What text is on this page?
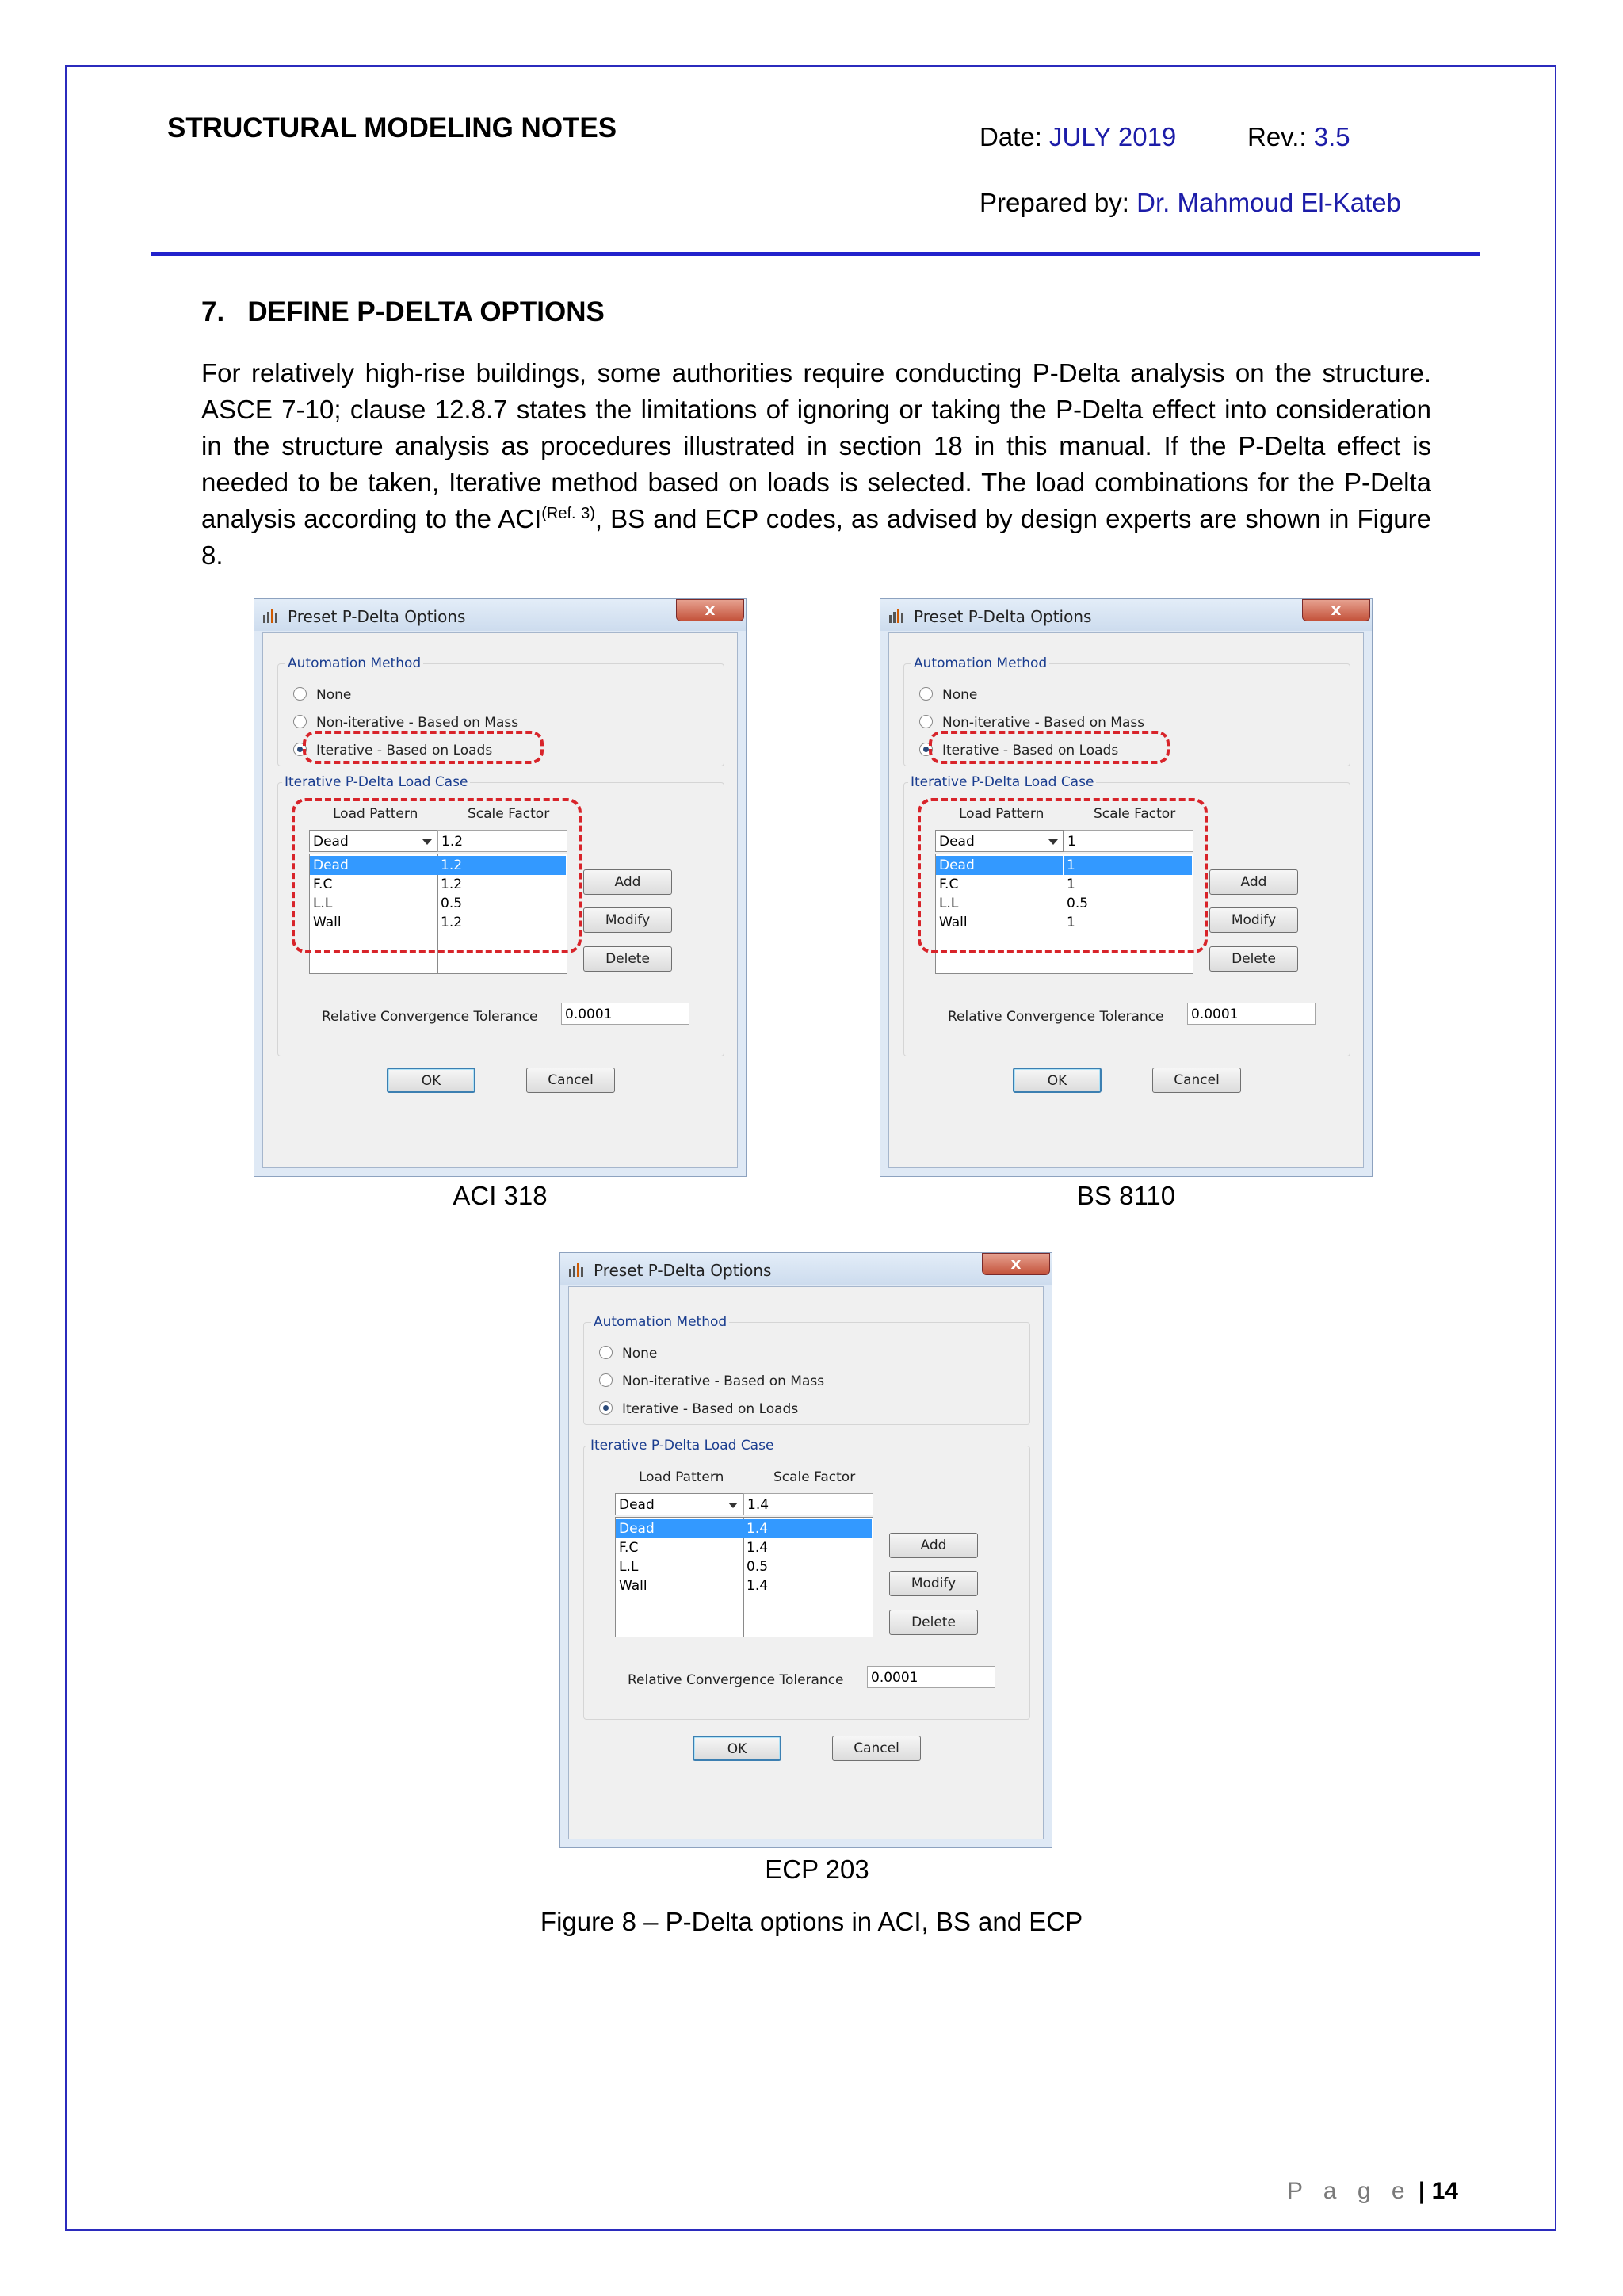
STRUCTURAL MODELING NOTES	Date: JULY 2019	Rev.: 3.5
Prepared by: Dr. Mahmoud El-Kateb
7.   DEFINE P-DELTA OPTIONS
For relatively high-rise buildings, some authorities require conducting P-Delta analysis on the structure. ASCE 7-10; clause 12.8.7 states the limitations of ignoring or taking the P-Delta effect into consideration in the structure analysis as procedures illustrated in section 18 in this manual. If the P-Delta effect is needed to be taken, Iterative method based on loads is selected. The load combinations for the P-Delta analysis according to the $ACI^{(Ref. 3)}$, BS and ECP codes, as advised by design experts are shown in Figure 8.
Preset P-Delta Options	x
Automation Method
None
Non-iterative - Based on Mass
Iterative - Based on Loads
Iterative P-Delta Load Case
Load Pattern	Scale Factor
Dead	1.2
Dead	1.2
F.C	1.2
L.L	0.5
Wall	1.2
Add
Modify
Delete
Relative Convergence Tolerance 0.0001
OK	Cancel
Preset P-Delta Options	x
Automation Method
None
Non-iterative - Based on Mass
Iterative - Based on Loads
Iterative P-Delta Load Case
Load Pattern	Scale Factor
Dead	1
Dead	1
F.C	1
L.L	0.5
Wall	1
Add
Modify
Delete
Relative Convergence Tolerance 0.0001
OK	Cancel
Preset P-Delta Options	x
Automation Method
None
Non-iterative - Based on Mass
Iterative - Based on Loads
Iterative P-Delta Load Case
Load Pattern	Scale Factor
Dead	1.4
Dead	1.4
F.C	1.4
L.L	0.5
Wall	1.4
Add
Modify
Delete
Relative Convergence Tolerance 0.0001
OK	Cancel
ACI 318	BS 8110
ECP 203
Figure 8 – P-Delta options in ACI, BS and ECP
P a g e | 14
